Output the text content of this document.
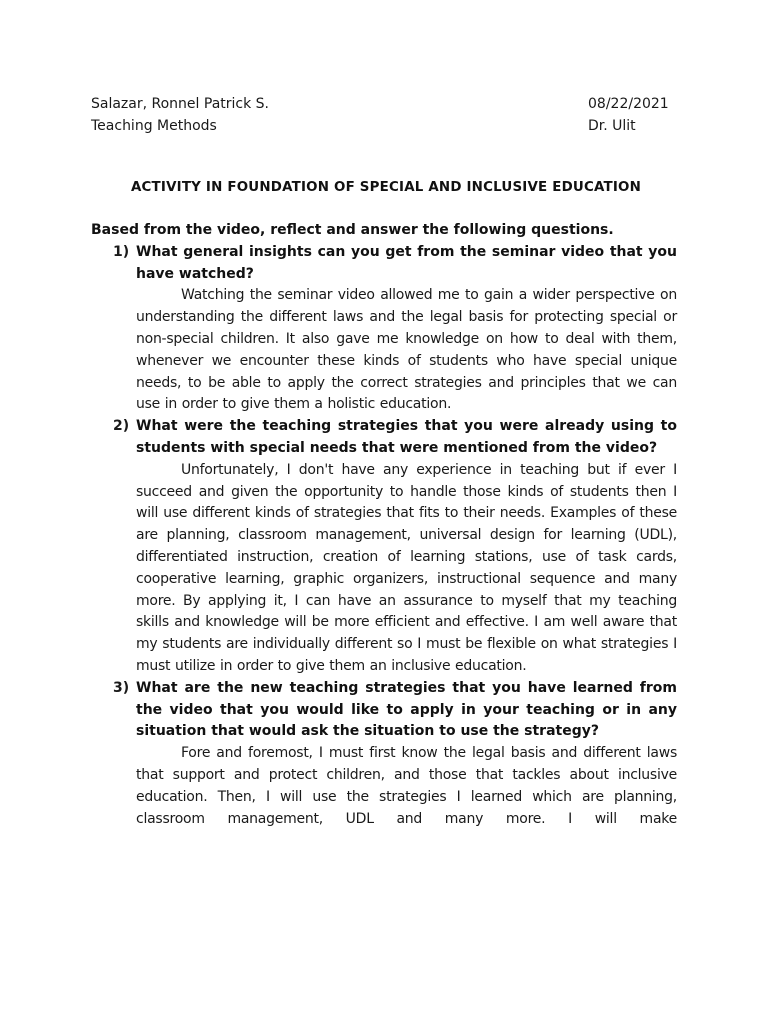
Salazar, Ronnel Patrick S.	08/22/2021
Teaching Methods	Dr. Ulit
ACTIVITY IN FOUNDATION OF SPECIAL AND INCLUSIVE EDUCATION

Based from the video, reflect and answer the following questions.

1) What general insights can you get from the seminar video that you have watched?

Watching the seminar video allowed me to gain a wider perspective on understanding the different laws and the legal basis for protecting special or non-special children. It also gave me knowledge on how to deal with them, whenever we encounter these kinds of students who have special unique needs, to be able to apply the correct strategies and principles that we can use in order to give them a holistic education.

2) What were the teaching strategies that you were already using to students with special needs that were mentioned from the video?

Unfortunately, I don't have any experience in teaching but if ever I succeed and given the opportunity to handle those kinds of students then I will use different kinds of strategies that fits to their needs. Examples of these are planning, classroom management, universal design for learning (UDL), differentiated instruction, creation of learning stations, use of task cards, cooperative learning, graphic organizers, instructional sequence and many more. By applying it, I can have an assurance to myself that my teaching skills and knowledge will be more efficient and effective. I am well aware that my students are individually different so I must be flexible on what strategies I must utilize in order to give them an inclusive education.

3) What are the new teaching strategies that you have learned from the video that you would like to apply in your teaching or in any situation that would ask the situation to use the strategy?

Fore and foremost, I must first know the legal basis and different laws that support and protect children, and those that tackles about inclusive education. Then, I will use the strategies I learned which are planning, classroom management, UDL and many more. I will make
